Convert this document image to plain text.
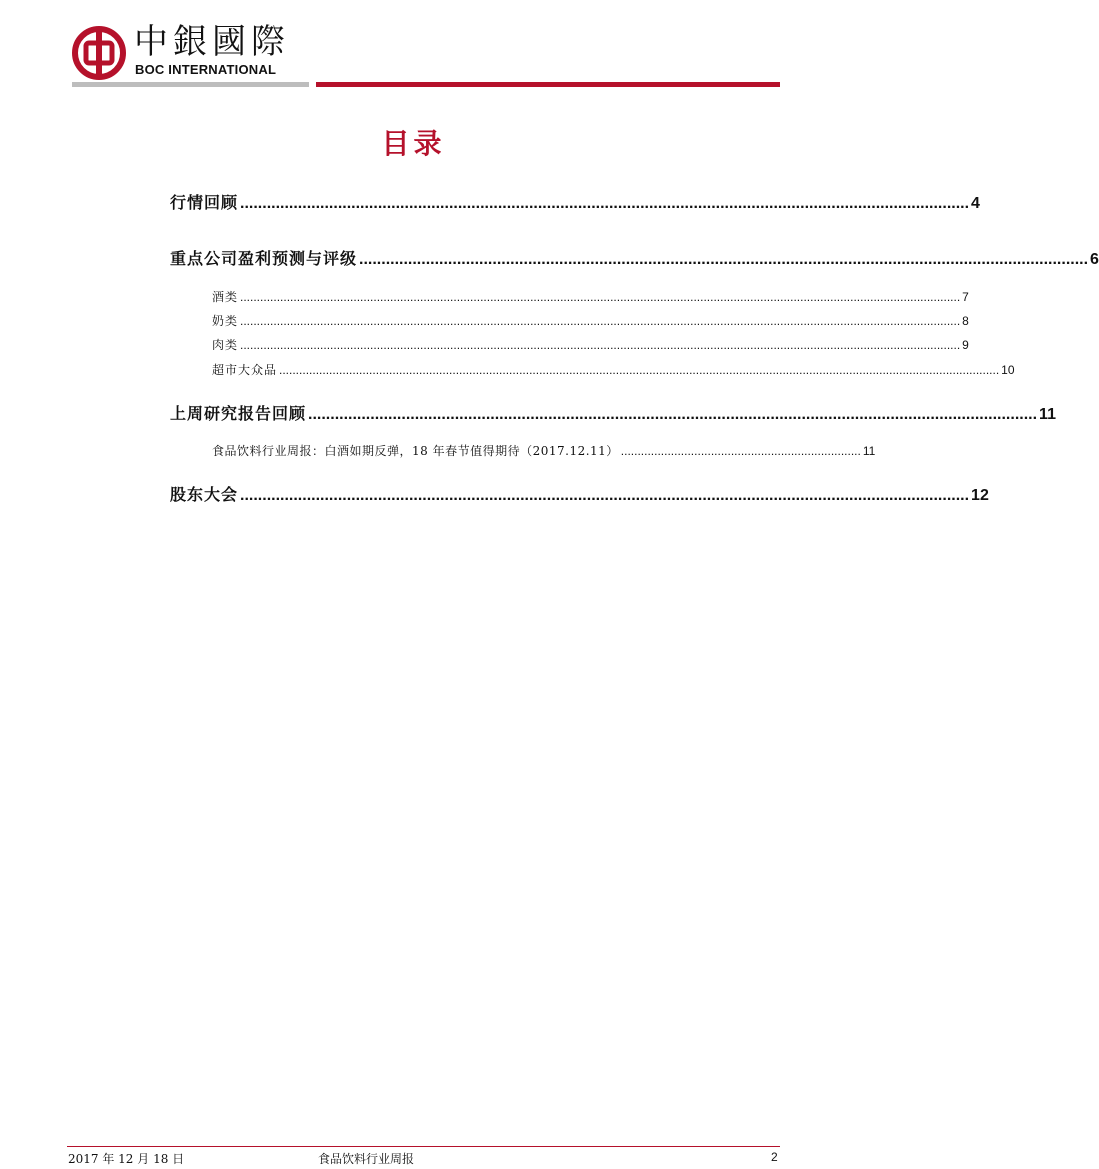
中銀國際
BOC INTERNATIONAL
目录
行情回顾 .................................................................................................................................................................... 4
重点公司盈利预测与评级 .................................................................................................................................................................... 6
酒类 ........................................................................................................................................................................................................................ 7
奶类 ........................................................................................................................................................................................................................ 8
肉类 ........................................................................................................................................................................................................................ 9
超市大众品 ........................................................................................................................................................................................................................ 10
上周研究报告回顾 .................................................................................................................................................................... 11
食品饮料行业周报：白酒如期反弹，18 年春节值得期待（2017.12.11） ........................................................................ 11
股东大会 .................................................................................................................................................................... 12
2017 年 12 月 18 日	食品饮料行业周报	2
